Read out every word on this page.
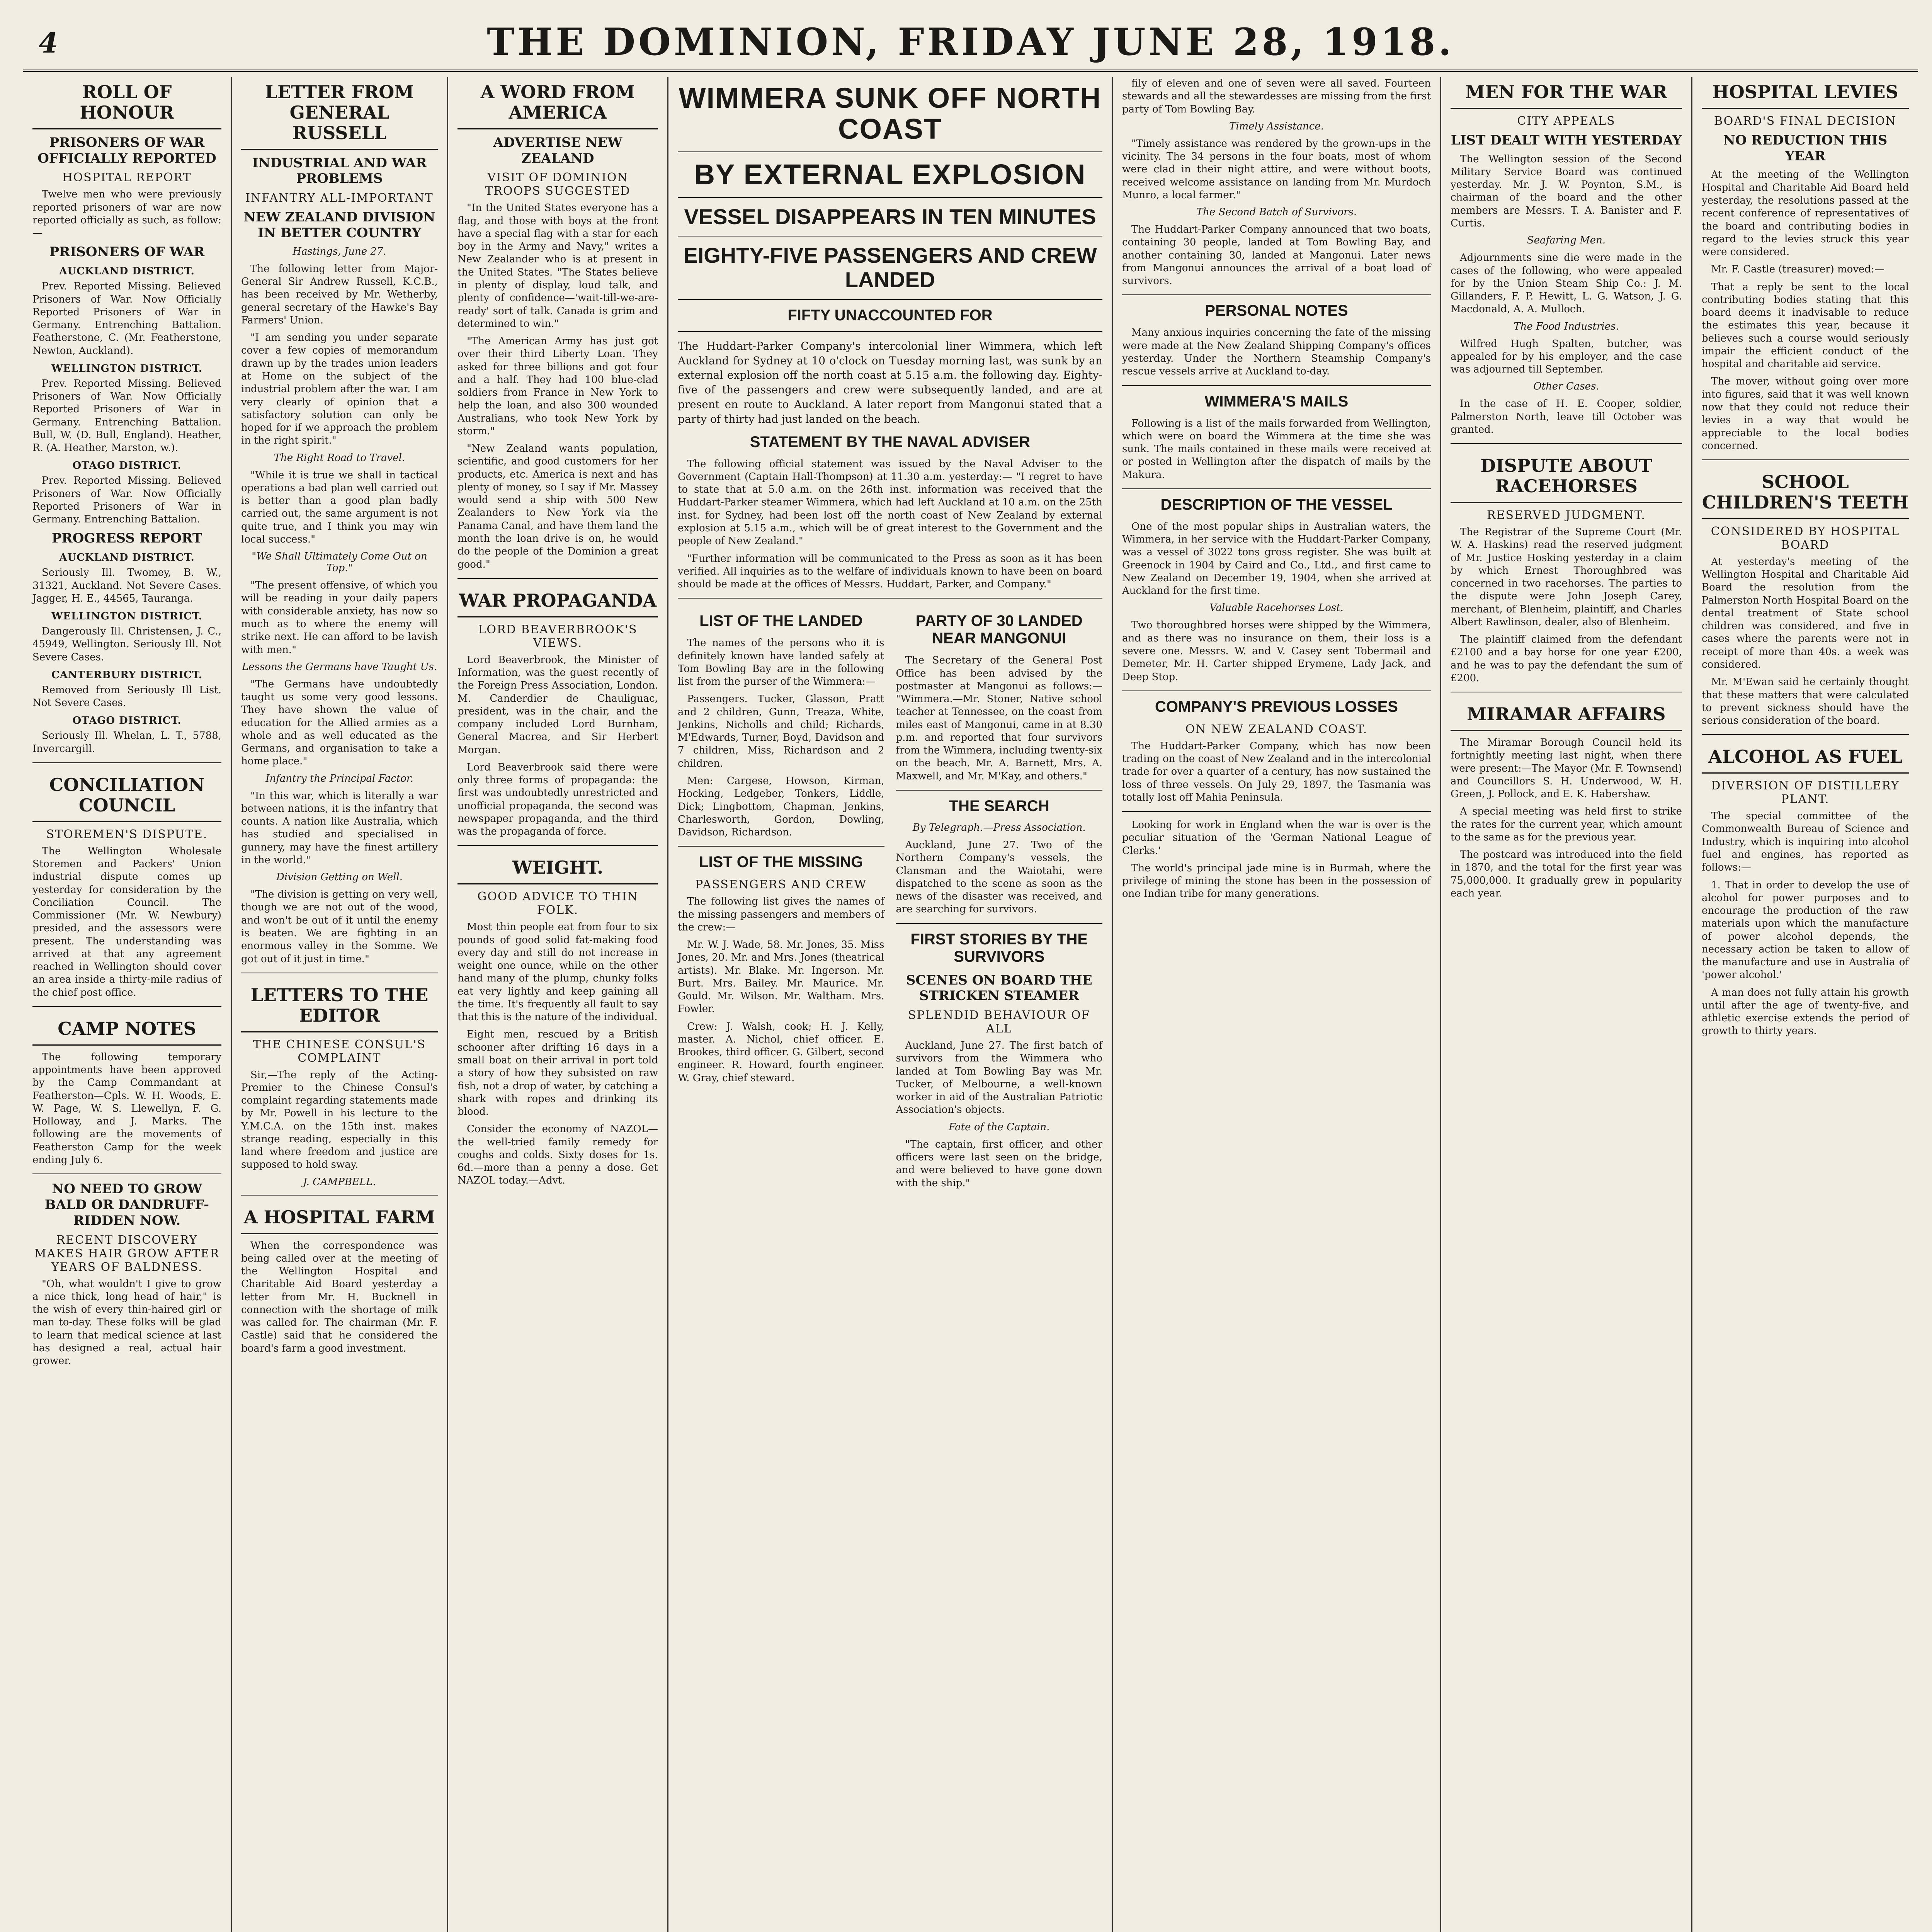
4	THE DOMINION, FRIDAY JUNE 28, 1918.
ROLL OF HONOUR
PRISONERS OF WAR OFFICIALLY REPORTED
HOSPITAL REPORT

Twelve men who were previously reported prisoners of war are now reported officially as such, as follow:—

PRISONERS OF WAR
AUCKLAND DISTRICT.

Prev. Reported Missing. Believed Prisoners of War. Now Officially Reported Prisoners of War in Germany. Entrenching Battalion. Featherstone, C. (Mr. Featherstone, Newton, Auckland).

WELLINGTON DISTRICT.

Prev. Reported Missing. Believed Prisoners of War. Now Officially Reported Prisoners of War in Germany. Entrenching Battalion. Bull, W. (D. Bull, England). Heather, R. (A. Heather, Marston, w.).

OTAGO DISTRICT.

Prev. Reported Missing. Believed Prisoners of War. Now Officially Reported Prisoners of War in Germany. Entrenching Battalion.

PROGRESS REPORT
AUCKLAND DISTRICT.

Seriously Ill. Twomey, B. W., 31321, Auckland. Not Severe Cases. Jagger, H. E., 44565, Tauranga.

WELLINGTON DISTRICT.

Dangerously Ill. Christensen, J. C., 45949, Wellington. Seriously Ill. Not Severe Cases.

CANTERBURY DISTRICT.

Removed from Seriously Ill List. Not Severe Cases.

OTAGO DISTRICT.

Seriously Ill. Whelan, L. T., 5788, Invercargill.

CONCILIATION COUNCIL
STOREMEN'S DISPUTE.

The Wellington Wholesale Storemen and Packers' Union industrial dispute comes up yesterday for consideration by the Conciliation Council. The Commissioner (Mr. W. Newbury) presided, and the assessors were present. The understanding was arrived at that any agreement reached in Wellington should cover an area inside a thirty-mile radius of the chief post office.

CAMP NOTES

The following temporary appointments have been approved by the Camp Commandant at Featherston—Cpls. W. H. Woods, E. W. Page, W. S. Llewellyn, F. G. Holloway, and J. Marks. The following are the movements of Featherston Camp for the week ending July 6.

NO NEED TO GROW BALD OR DANDRUFF-RIDDEN NOW.
RECENT DISCOVERY MAKES HAIR GROW AFTER YEARS OF BALDNESS.

"Oh, what wouldn't I give to grow a nice thick, long head of hair," is the wish of every thin-haired girl or man to-day. These folks will be glad to learn that medical science at last has designed a real, actual hair grower.

LETTER FROM GENERAL RUSSELL
INDUSTRIAL AND WAR PROBLEMS
INFANTRY ALL-IMPORTANT
NEW ZEALAND DIVISION IN BETTER COUNTRY
Hastings, June 27.

The following letter from Major-General Sir Andrew Russell, K.C.B., has been received by Mr. Wetherby, general secretary of the Hawke's Bay Farmers' Union.

"I am sending you under separate cover a few copies of memorandum drawn up by the trades union leaders at Home on the subject of the industrial problem after the war. I am very clearly of opinion that a satisfactory solution can only be hoped for if we approach the problem in the right spirit."

The Right Road to Travel.

"While it is true we shall in tactical operations a bad plan well carried out is better than a good plan badly carried out, the same argument is not quite true, and I think you may win local success."

"We Shall Ultimately Come Out on Top."

"The present offensive, of which you will be reading in your daily papers with considerable anxiety, has now so much as to where the enemy will strike next. He can afford to be lavish with men."

Lessons the Germans have Taught Us.

"The Germans have undoubtedly taught us some very good lessons. They have shown the value of education for the Allied armies as a whole and as well educated as the Germans, and organisation to take a home place."

Infantry the Principal Factor.

"In this war, which is literally a war between nations, it is the infantry that counts. A nation like Australia, which has studied and specialised in gunnery, may have the finest artillery in the world."

Division Getting on Well.

"The division is getting on very well, though we are not out of the wood, and won't be out of it until the enemy is beaten. We are fighting in an enormous valley in the Somme. We got out of it just in time."

LETTERS TO THE EDITOR
THE CHINESE CONSUL'S COMPLAINT

Sir,—The reply of the Acting-Premier to the Chinese Consul's complaint regarding statements made by Mr. Powell in his lecture to the Y.M.C.A. on the 15th inst. makes strange reading, especially in this land where freedom and justice are supposed to hold sway.

J. CAMPBELL.
A HOSPITAL FARM

When the correspondence was being called over at the meeting of the Wellington Hospital and Charitable Aid Board yesterday a letter from Mr. H. Bucknell in connection with the shortage of milk was called for. The chairman (Mr. F. Castle) said that he considered the board's farm a good investment.

A WORD FROM AMERICA
ADVERTISE NEW ZEALAND
VISIT OF DOMINION TROOPS SUGGESTED

"In the United States everyone has a flag, and those with boys at the front have a special flag with a star for each boy in the Army and Navy," writes a New Zealander who is at present in the United States. "The States believe in plenty of display, loud talk, and plenty of confidence—'wait-till-we-are-ready' sort of talk. Canada is grim and determined to win."

"The American Army has just got over their third Liberty Loan. They asked for three billions and got four and a half. They had 100 blue-clad soldiers from France in New York to help the loan, and also 300 wounded Australians, who took New York by storm."

"New Zealand wants population, scientific, and good customers for her products, etc. America is next and has plenty of money, so I say if Mr. Massey would send a ship with 500 New Zealanders to New York via the Panama Canal, and have them land the month the loan drive is on, he would do the people of the Dominion a great good."

WAR PROPAGANDA
LORD BEAVERBROOK'S VIEWS.

Lord Beaverbrook, the Minister of Information, was the guest recently of the Foreign Press Association, London. M. Canderdier de Chauliguac, president, was in the chair, and the company included Lord Burnham, General Macrea, and Sir Herbert Morgan.

Lord Beaverbrook said there were only three forms of propaganda: the first was undoubtedly unrestricted and unofficial propaganda, the second was newspaper propaganda, and the third was the propaganda of force.

WEIGHT.
GOOD ADVICE TO THIN FOLK.

Most thin people eat from four to six pounds of good solid fat-making food every day and still do not increase in weight one ounce, while on the other hand many of the plump, chunky folks eat very lightly and keep gaining all the time. It's frequently all fault to say that this is the nature of the individual.

Eight men, rescued by a British schooner after drifting 16 days in a small boat on their arrival in port told a story of how they subsisted on raw fish, not a drop of water, by catching a shark with ropes and drinking its blood.

Consider the economy of NAZOL—the well-tried family remedy for coughs and colds. Sixty doses for 1s. 6d.—more than a penny a dose. Get NAZOL today.—Advt.

WIMMERA SUNK OFF NORTH COAST
BY EXTERNAL EXPLOSION
VESSEL DISAPPEARS IN TEN MINUTES
EIGHTY-FIVE PASSENGERS AND CREW LANDED
FIFTY UNACCOUNTED FOR

The Huddart-Parker Company's intercolonial liner Wimmera, which left Auckland for Sydney at 10 o'clock on Tuesday morning last, was sunk by an external explosion off the north coast at 5.15 a.m. the following day. Eighty-five of the passengers and crew were subsequently landed, and are at present en route to Auckland. A later report from Mangonui stated that a party of thirty had just landed on the beach.

STATEMENT BY THE NAVAL ADVISER

The following official statement was issued by the Naval Adviser to the Government (Captain Hall-Thompson) at 11.30 a.m. yesterday:— "I regret to have to state that at 5.0 a.m. on the 26th inst. information was received that the Huddart-Parker steamer Wimmera, which had left Auckland at 10 a.m. on the 25th inst. for Sydney, had been lost off the north coast of New Zealand by external explosion at 5.15 a.m., which will be of great interest to the Government and the people of New Zealand."

"Further information will be communicated to the Press as soon as it has been verified. All inquiries as to the welfare of individuals known to have been on board should be made at the offices of Messrs. Huddart, Parker, and Company."

LIST OF THE LANDED

The names of the persons who it is definitely known have landed safely at Tom Bowling Bay are in the following list from the purser of the Wimmera:—

Passengers. Tucker, Glasson, Pratt and 2 children, Gunn, Treaza, White, Jenkins, Nicholls and child; Richards, M'Edwards, Turner, Boyd, Davidson and 7 children, Miss, Richardson and 2 children.

Men: Cargese, Howson, Kirman, Hocking, Ledgeber, Tonkers, Liddle, Dick; Lingbottom, Chapman, Jenkins, Charlesworth, Gordon, Dowling, Davidson, Richardson.

LIST OF THE MISSING
PASSENGERS AND CREW

The following list gives the names of the missing passengers and members of the crew:—

Mr. W. J. Wade, 58. Mr. Jones, 35. Miss Jones, 20. Mr. and Mrs. Jones (theatrical artists). Mr. Blake. Mr. Ingerson. Mr. Burt. Mrs. Bailey. Mr. Maurice. Mr. Gould. Mr. Wilson. Mr. Waltham. Mrs. Fowler.

Crew: J. Walsh, cook; H. J. Kelly, master. A. Nichol, chief officer. E. Brookes, third officer. G. Gilbert, second engineer. R. Howard, fourth engineer. W. Gray, chief steward.

PARTY OF 30 LANDED NEAR MANGONUI

The Secretary of the General Post Office has been advised by the postmaster at Mangonui as follows:— "Wimmera.—Mr. Stoner, Native school teacher at Tennessee, on the coast from miles east of Mangonui, came in at 8.30 p.m. and reported that four survivors from the Wimmera, including twenty-six on the beach. Mr. A. Barnett, Mrs. A. Maxwell, and Mr. M'Kay, and others."

THE SEARCH
By Telegraph.—Press Association.

Auckland, June 27. Two of the Northern Company's vessels, the Clansman and the Waiotahi, were dispatched to the scene as soon as the news of the disaster was received, and are searching for survivors.

FIRST STORIES BY THE SURVIVORS
SCENES ON BOARD THE STRICKEN STEAMER
SPLENDID BEHAVIOUR OF ALL

Auckland, June 27. The first batch of survivors from the Wimmera who landed at Tom Bowling Bay was Mr. Tucker, of Melbourne, a well-known worker in aid of the Australian Patriotic Association's objects.

Fate of the Captain.

"The captain, first officer, and other officers were last seen on the bridge, and were believed to have gone down with the ship."

fily of eleven and one of seven were all saved. Fourteen stewards and all the stewardesses are missing from the first party of Tom Bowling Bay.

Timely Assistance.

"Timely assistance was rendered by the grown-ups in the vicinity. The 34 persons in the four boats, most of whom were clad in their night attire, and were without boots, received welcome assistance on landing from Mr. Murdoch Munro, a local farmer."

The Second Batch of Survivors.

The Huddart-Parker Company announced that two boats, containing 30 people, landed at Tom Bowling Bay, and another containing 30, landed at Mangonui. Later news from Mangonui announces the arrival of a boat load of survivors.

PERSONAL NOTES

Many anxious inquiries concerning the fate of the missing were made at the New Zealand Shipping Company's offices yesterday. Under the Northern Steamship Company's rescue vessels arrive at Auckland to-day.

WIMMERA'S MAILS

Following is a list of the mails forwarded from Wellington, which were on board the Wimmera at the time she was sunk. The mails contained in these mails were received at or posted in Wellington after the dispatch of mails by the Makura.

DESCRIPTION OF THE VESSEL

One of the most popular ships in Australian waters, the Wimmera, in her service with the Huddart-Parker Company, was a vessel of 3022 tons gross register. She was built at Greenock in 1904 by Caird and Co., Ltd., and first came to New Zealand on December 19, 1904, when she arrived at Auckland for the first time.

Valuable Racehorses Lost.

Two thoroughbred horses were shipped by the Wimmera, and as there was no insurance on them, their loss is a severe one. Messrs. W. and V. Casey sent Tobermail and Demeter, Mr. H. Carter shipped Erymene, Lady Jack, and Deep Stop.

COMPANY'S PREVIOUS LOSSES
ON NEW ZEALAND COAST.

The Huddart-Parker Company, which has now been trading on the coast of New Zealand and in the intercolonial trade for over a quarter of a century, has now sustained the loss of three vessels. On July 29, 1897, the Tasmania was totally lost off Mahia Peninsula.

Looking for work in England when the war is over is the peculiar situation of the 'German National League of Clerks.'

The world's principal jade mine is in Burmah, where the privilege of mining the stone has been in the possession of one Indian tribe for many generations.

MEN FOR THE WAR
CITY APPEALS
LIST DEALT WITH YESTERDAY

The Wellington session of the Second Military Service Board was continued yesterday. Mr. J. W. Poynton, S.M., is chairman of the board and the other members are Messrs. T. A. Banister and F. Curtis.

Seafaring Men.

Adjournments sine die were made in the cases of the following, who were appealed for by the Union Steam Ship Co.: J. M. Gillanders, F. P. Hewitt, L. G. Watson, J. G. Macdonald, A. A. Mulloch.

The Food Industries.

Wilfred Hugh Spalten, butcher, was appealed for by his employer, and the case was adjourned till September.

Other Cases.

In the case of H. E. Cooper, soldier, Palmerston North, leave till October was granted.

DISPUTE ABOUT RACEHORSES
RESERVED JUDGMENT.

The Registrar of the Supreme Court (Mr. W. A. Haskins) read the reserved judgment of Mr. Justice Hosking yesterday in a claim by which Ernest Thoroughbred was concerned in two racehorses. The parties to the dispute were John Joseph Carey, merchant, of Blenheim, plaintiff, and Charles Albert Rawlinson, dealer, also of Blenheim.

The plaintiff claimed from the defendant £2100 and a bay horse for one year £200, and he was to pay the defendant the sum of £200.

MIRAMAR AFFAIRS

The Miramar Borough Council held its fortnightly meeting last night, when there were present:—The Mayor (Mr. F. Townsend) and Councillors S. H. Underwood, W. H. Green, J. Pollock, and E. K. Habershaw.

A special meeting was held first to strike the rates for the current year, which amount to the same as for the previous year.

The postcard was introduced into the field in 1870, and the total for the first year was 75,000,000. It gradually grew in popularity each year.

HOSPITAL LEVIES
BOARD'S FINAL DECISION
NO REDUCTION THIS YEAR

At the meeting of the Wellington Hospital and Charitable Aid Board held yesterday, the resolutions passed at the recent conference of representatives of the board and contributing bodies in regard to the levies struck this year were considered.

Mr. F. Castle (treasurer) moved:—

That a reply be sent to the local contributing bodies stating that this board deems it inadvisable to reduce the estimates this year, because it believes such a course would seriously impair the efficient conduct of the hospital and charitable aid service.

The mover, without going over more into figures, said that it was well known now that they could not reduce their levies in a way that would be appreciable to the local bodies concerned.

SCHOOL CHILDREN'S TEETH
CONSIDERED BY HOSPITAL BOARD

At yesterday's meeting of the Wellington Hospital and Charitable Aid Board the resolution from the Palmerston North Hospital Board on the dental treatment of State school children was considered, and five in cases where the parents were not in receipt of more than 40s. a week was considered.

Mr. M'Ewan said he certainly thought that these matters that were calculated to prevent sickness should have the serious consideration of the board.

ALCOHOL AS FUEL
DIVERSION OF DISTILLERY PLANT.

The special committee of the Commonwealth Bureau of Science and Industry, which is inquiring into alcohol fuel and engines, has reported as follows:—

1. That in order to develop the use of alcohol for power purposes and to encourage the production of the raw materials upon which the manufacture of power alcohol depends, the necessary action be taken to allow of the manufacture and use in Australia of 'power alcohol.'

A man does not fully attain his growth until after the age of twenty-five, and athletic exercise extends the period of growth to thirty years.
